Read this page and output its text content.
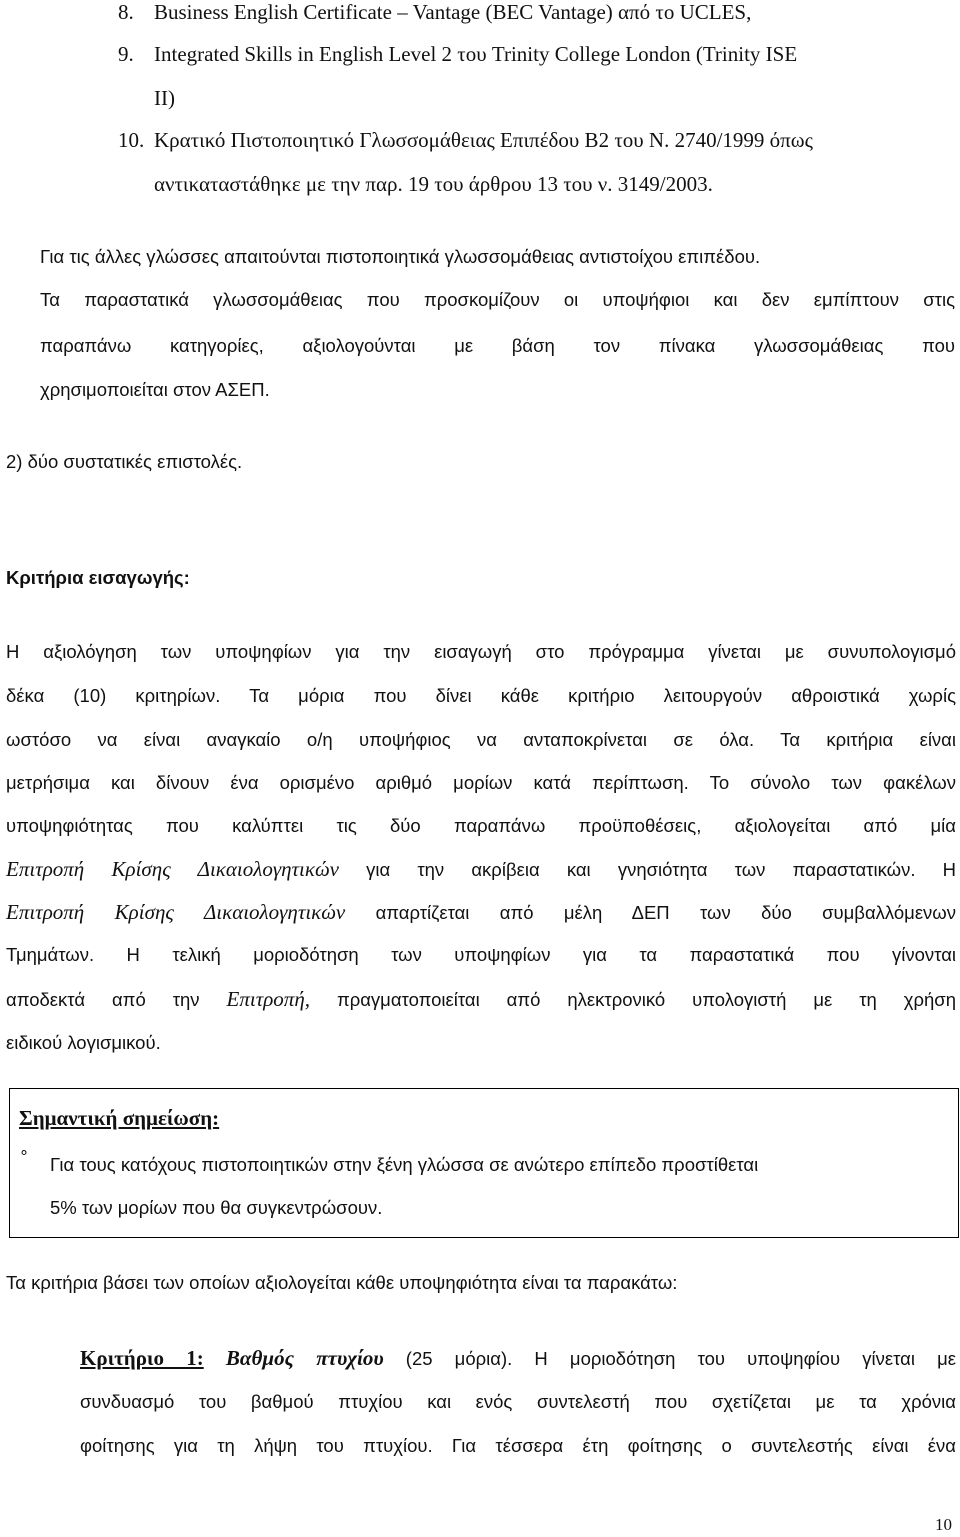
8. Business English Certificate – Vantage (BEC Vantage) από το UCLES,
9. Integrated Skills in English Level 2 του Trinity College London (Trinity ISE
II)
10. Κρατικό Πιστοποιητικό Γλωσσομάθειας Επιπέδου Β2 του Ν. 2740/1999 όπως
αντικαταστάθηκε με την παρ. 19 του άρθρου 13 του ν. 3149/2003.
Για τις άλλες γλώσσες απαιτούνται πιστοποιητικά γλωσσομάθειας αντιστοίχου επιπέδου.
Τα παραστατικά γλωσσομάθειας που προσκομίζουν οι υποψήφιοι και δεν εμπίπτουν στις
παραπάνω κατηγορίες, αξιολογούνται με βάση τον πίνακα γλωσσομάθειας που
χρησιμοποιείται στον ΑΣΕΠ.
2) δύο συστατικές επιστολές.
Κριτήρια εισαγωγής:
Η αξιολόγηση των υποψηφίων για την εισαγωγή στο πρόγραμμα γίνεται με συνυπολογισμό
δέκα (10) κριτηρίων. Τα μόρια που δίνει κάθε κριτήριο λειτουργούν αθροιστικά χωρίς
ωστόσο να είναι αναγκαίο ο/η υποψήφιος να ανταποκρίνεται σε όλα. Τα κριτήρια είναι
μετρήσιμα και δίνουν ένα ορισμένο αριθμό μορίων κατά περίπτωση. Το σύνολο των φακέλων
υποψηφιότητας που καλύπτει τις δύο παραπάνω προϋποθέσεις, αξιολογείται από μία
Επιτροπή Κρίσης Δικαιολογητικών για την ακρίβεια και γνησιότητα των παραστατικών. Η
Επιτροπή Κρίσης Δικαιολογητικών απαρτίζεται από μέλη ΔΕΠ των δύο συμβαλλόμενων
Τμημάτων. Η τελική μοριοδότηση των υποψηφίων για τα παραστατικά που γίνονται
αποδεκτά από την Επιτροπή, πραγματοποιείται από ηλεκτρονικό υπολογιστή με τη χρήση
ειδικού λογισμικού.
Σημαντική σημείωση:
° Για τους κατόχους πιστοποιητικών στην ξένη γλώσσα σε ανώτερο επίπεδο προστίθεται
5% των μορίων που θα συγκεντρώσουν.
Τα κριτήρια βάσει των οποίων αξιολογείται κάθε υποψηφιότητα είναι τα παρακάτω:
Κριτήριο 1: Βαθμός πτυχίου (25 μόρια). Η μοριοδότηση του υποψηφίου γίνεται με
συνδυασμό του βαθμού πτυχίου και ενός συντελεστή που σχετίζεται με τα χρόνια
φοίτησης για τη λήψη του πτυχίου. Για τέσσερα έτη φοίτησης ο συντελεστής είναι ένα
10
